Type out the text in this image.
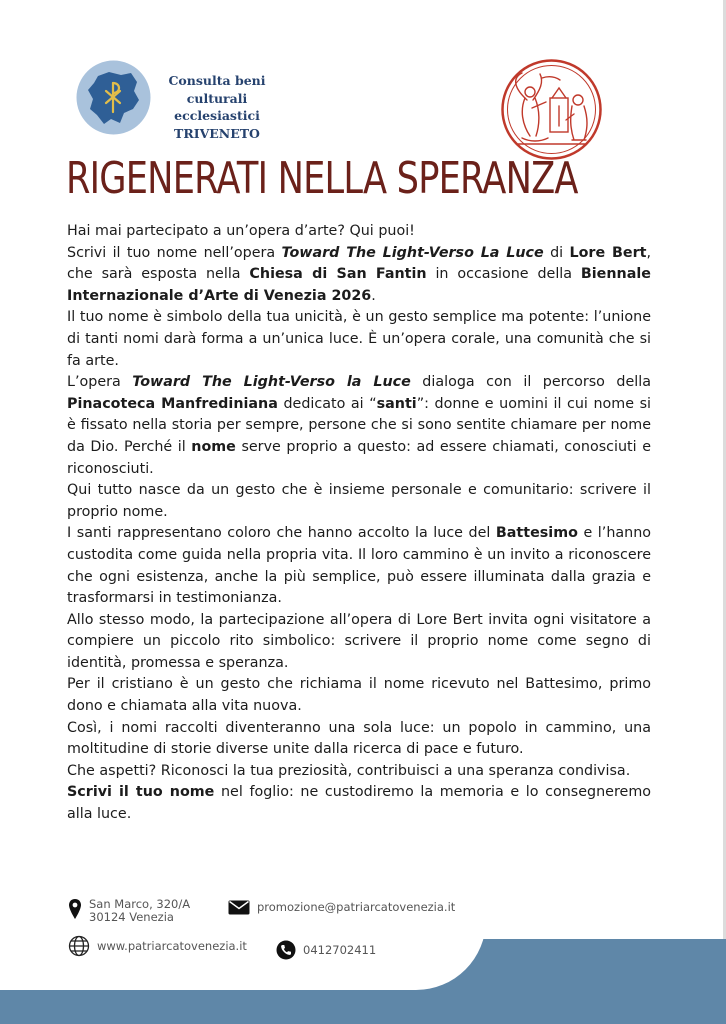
Consulta beni
culturali ecclesiastici
TRIVENETO
RIGENERATI NELLA SPERANZA

Hai mai partecipato a un’opera d’arte? Qui puoi!

Scrivi il tuo nome nell’opera Toward The Light-Verso La Luce di Lore Bert, che sarà esposta nella Chiesa di San Fantin in occasione della Biennale Internazionale d’Arte di Venezia 2026.

Il tuo nome è simbolo della tua unicità, è un gesto semplice ma potente: l’unione di tanti nomi darà forma a un’unica luce. È un’opera corale, una comunità che si fa arte.

L’opera Toward The Light-Verso la Luce dialoga con il percorso della Pinacoteca Manfrediniana dedicato ai “santi”: donne e uomini il cui nome si è fissato nella storia per sempre, persone che si sono sentite chiamare per nome da Dio. Perché il nome serve proprio a questo: ad essere chiamati, conosciuti e riconosciuti.

Qui tutto nasce da un gesto che è insieme personale e comunitario: scrivere il proprio nome.

I santi rappresentano coloro che hanno accolto la luce del Battesimo e l’hanno custodita come guida nella propria vita. Il loro cammino è un invito a riconoscere che ogni esistenza, anche la più semplice, può essere illuminata dalla grazia e trasformarsi in testimonianza.

Allo stesso modo, la partecipazione all’opera di Lore Bert invita ogni visitatore a compiere un piccolo rito simbolico: scrivere il proprio nome come segno di identità, promessa e speranza.

Per il cristiano è un gesto che richiama il nome ricevuto nel Battesimo, primo dono e chiamata alla vita nuova.

Così, i nomi raccolti diventeranno una sola luce: un popolo in cammino, una moltitudine di storie diverse unite dalla ricerca di pace e futuro.

Che aspetti? Riconosci la tua preziosità, contribuisci a una speranza condivisa.

Scrivi il tuo nome nel foglio: ne custodiremo la memoria e lo consegneremo alla luce.

San Marco, 320/A
30124 Venezia
promozione@patriarcatovenezia.it
www.patriarcatovenezia.it	0412702411
